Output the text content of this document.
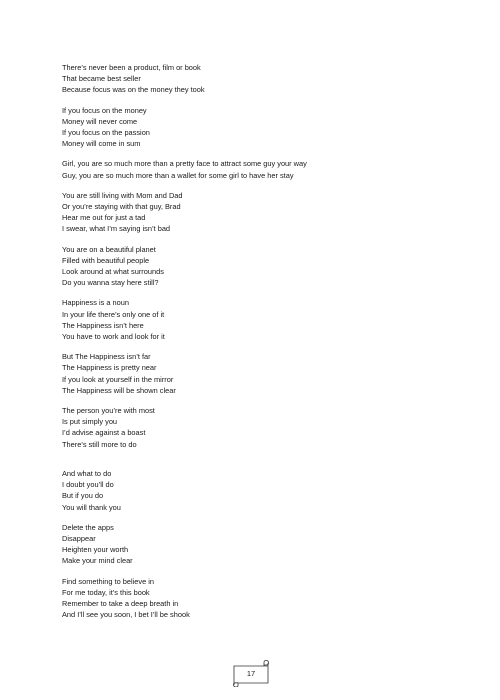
There’s never been a product, film or book
That became best seller
Because focus was on the money they took
If you focus on the money
Money will never come
If you focus on the passion
Money will come in sum
Girl, you are so much more than a pretty face to attract some guy your way
Guy, you are so much more than a wallet for some girl to have her stay
You are still living with Mom and Dad
Or you’re staying with that guy, Brad
Hear me out for just a tad
I swear, what I’m saying isn’t bad
You are on a beautiful planet
Filled with beautiful people
Look around at what surrounds
Do you wanna stay here still?
Happiness is a noun
In your life there’s only one of it
The Happiness isn’t here
You have to work and look for it
But The Happiness isn’t far
The Happiness is pretty near
If you look at yourself in the mirror
The Happiness will be shown clear
The person you’re with most
Is put simply you
I’d advise against a boast
There’s still more to do
And what to do
I doubt you’ll do
But if you do
You will thank you
Delete the apps
Disappear
Heighten your worth
Make your mind clear
Find something to believe in
For me today, it’s this book
Remember to take a deep breath in
And I’ll see you soon, I bet I’ll be shook
17
